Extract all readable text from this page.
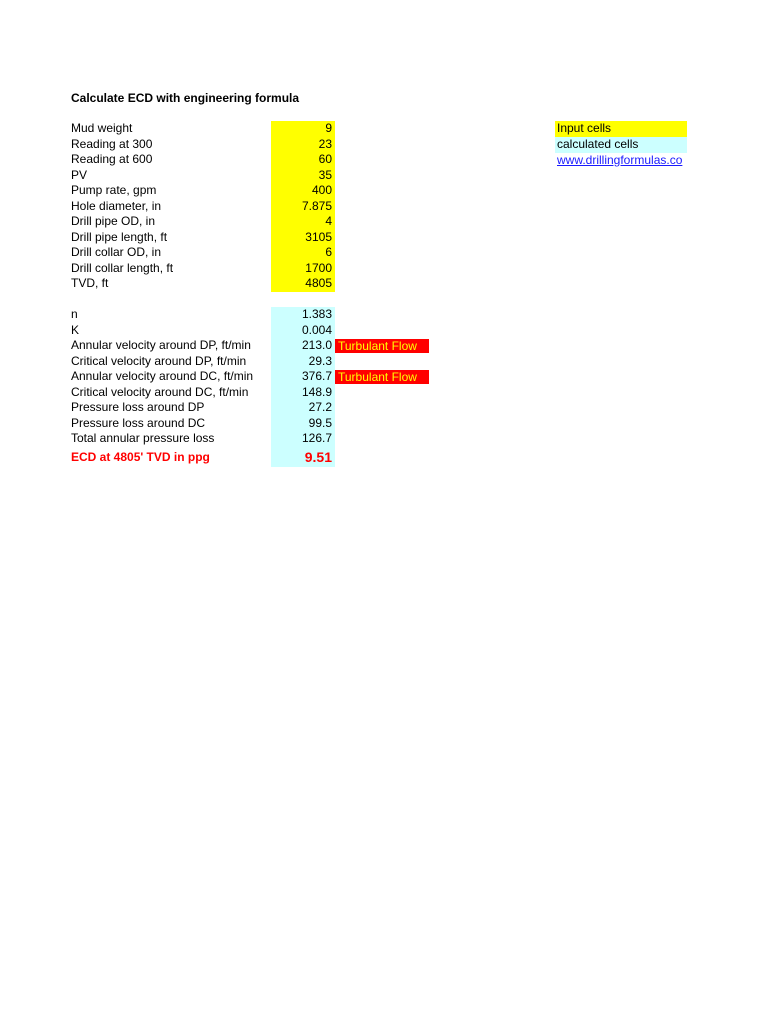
Calculate ECD with engineering formula
Mud weight	9
Reading at 300	23
Reading at 600	60
PV	35
Pump rate, gpm	400
Hole diameter, in	7.875
Drill pipe OD, in	4
Drill pipe length, ft	3105
Drill collar OD, in	6
Drill collar length, ft	1700
TVD, ft	4805
n	1.383
K	0.004
Annular velocity around DP, ft/min	213.0 Turbulant Flow
Critical velocity around DP, ft/min	29.3
Annular velocity around DC, ft/min	376.7 Turbulant Flow
Critical velocity around DC, ft/min	148.9
Pressure loss around DP	27.2
Pressure loss around DC	99.5
Total annular pressure loss	126.7
ECD at 4805' TVD in ppg	9.51
Input cells
calculated cells
www.drillingformulas.co
